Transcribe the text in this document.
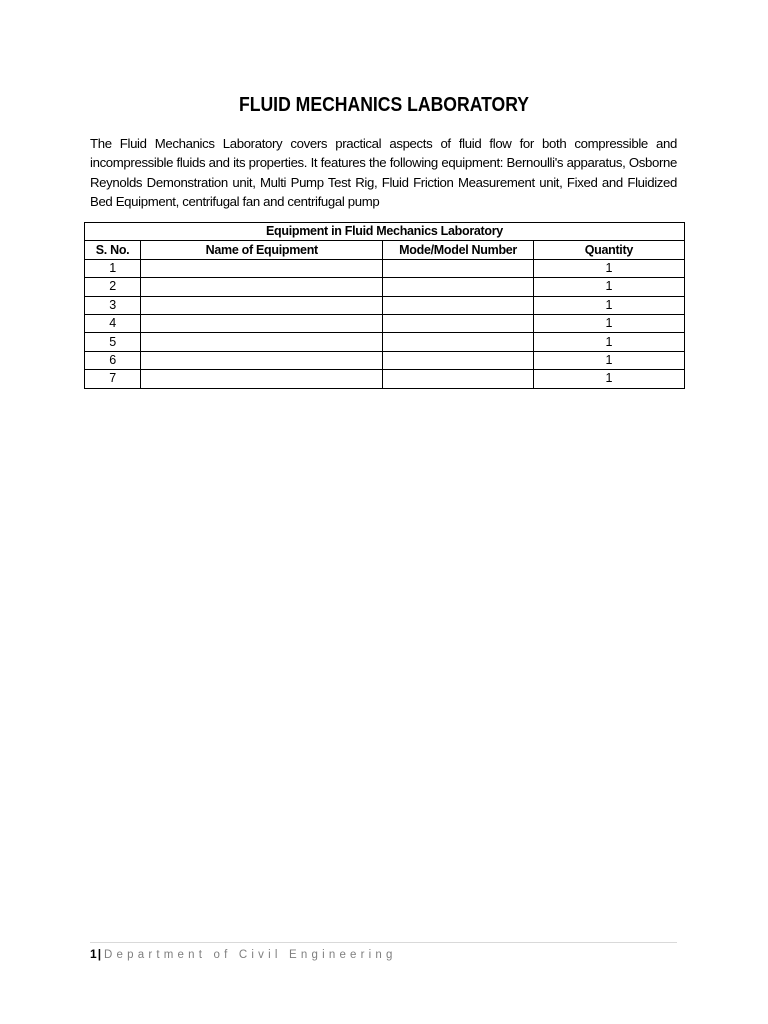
FLUID MECHANICS LABORATORY
The Fluid Mechanics Laboratory covers practical aspects of fluid flow for both compressible and incompressible fluids and its properties. It features the following equipment: Bernoulli's apparatus, Osborne Reynolds Demonstration unit, Multi Pump Test Rig, Fluid Friction Measurement unit, Fixed and Fluidized Bed Equipment, centrifugal fan and centrifugal pump
Equipment in Fluid Mechanics Laboratory			
S. No.	Name of Equipment	Mode/Model Number	Quantity
1			1
2			1
3			1
4			1
5			1
6			1
7			1
1| Department of Civil Engineering
